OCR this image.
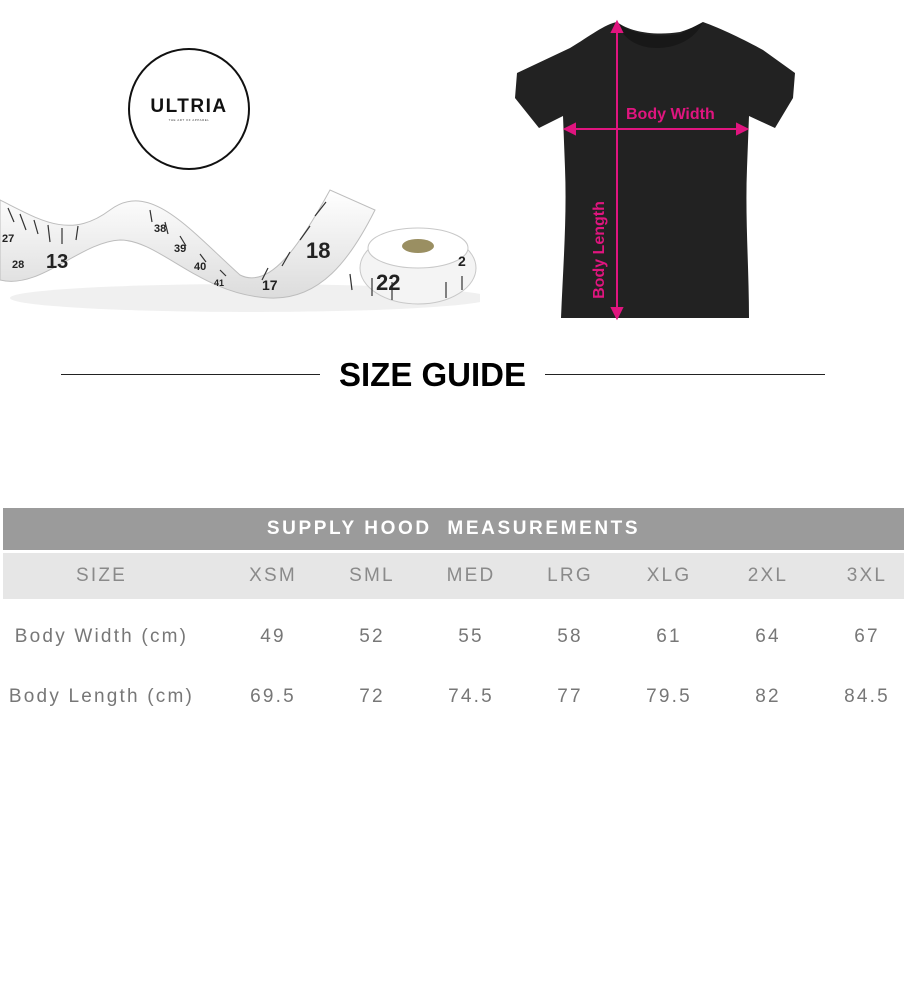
27
28 13
38
39
40
41
18
17	22
2
ULTRIA
THE ART OF APPAREL	Body Width
Body Length
SIZE GUIDE
SUPPLY HOOD  MEASUREMENTS
SIZE	XSM	SML	MED	LRG	XLG	2XL	3XL
Body Width (cm)	49	52	55	58	61	64	67
Body Length (cm)	69.5	72	74.5	77	79.5	82	84.5
